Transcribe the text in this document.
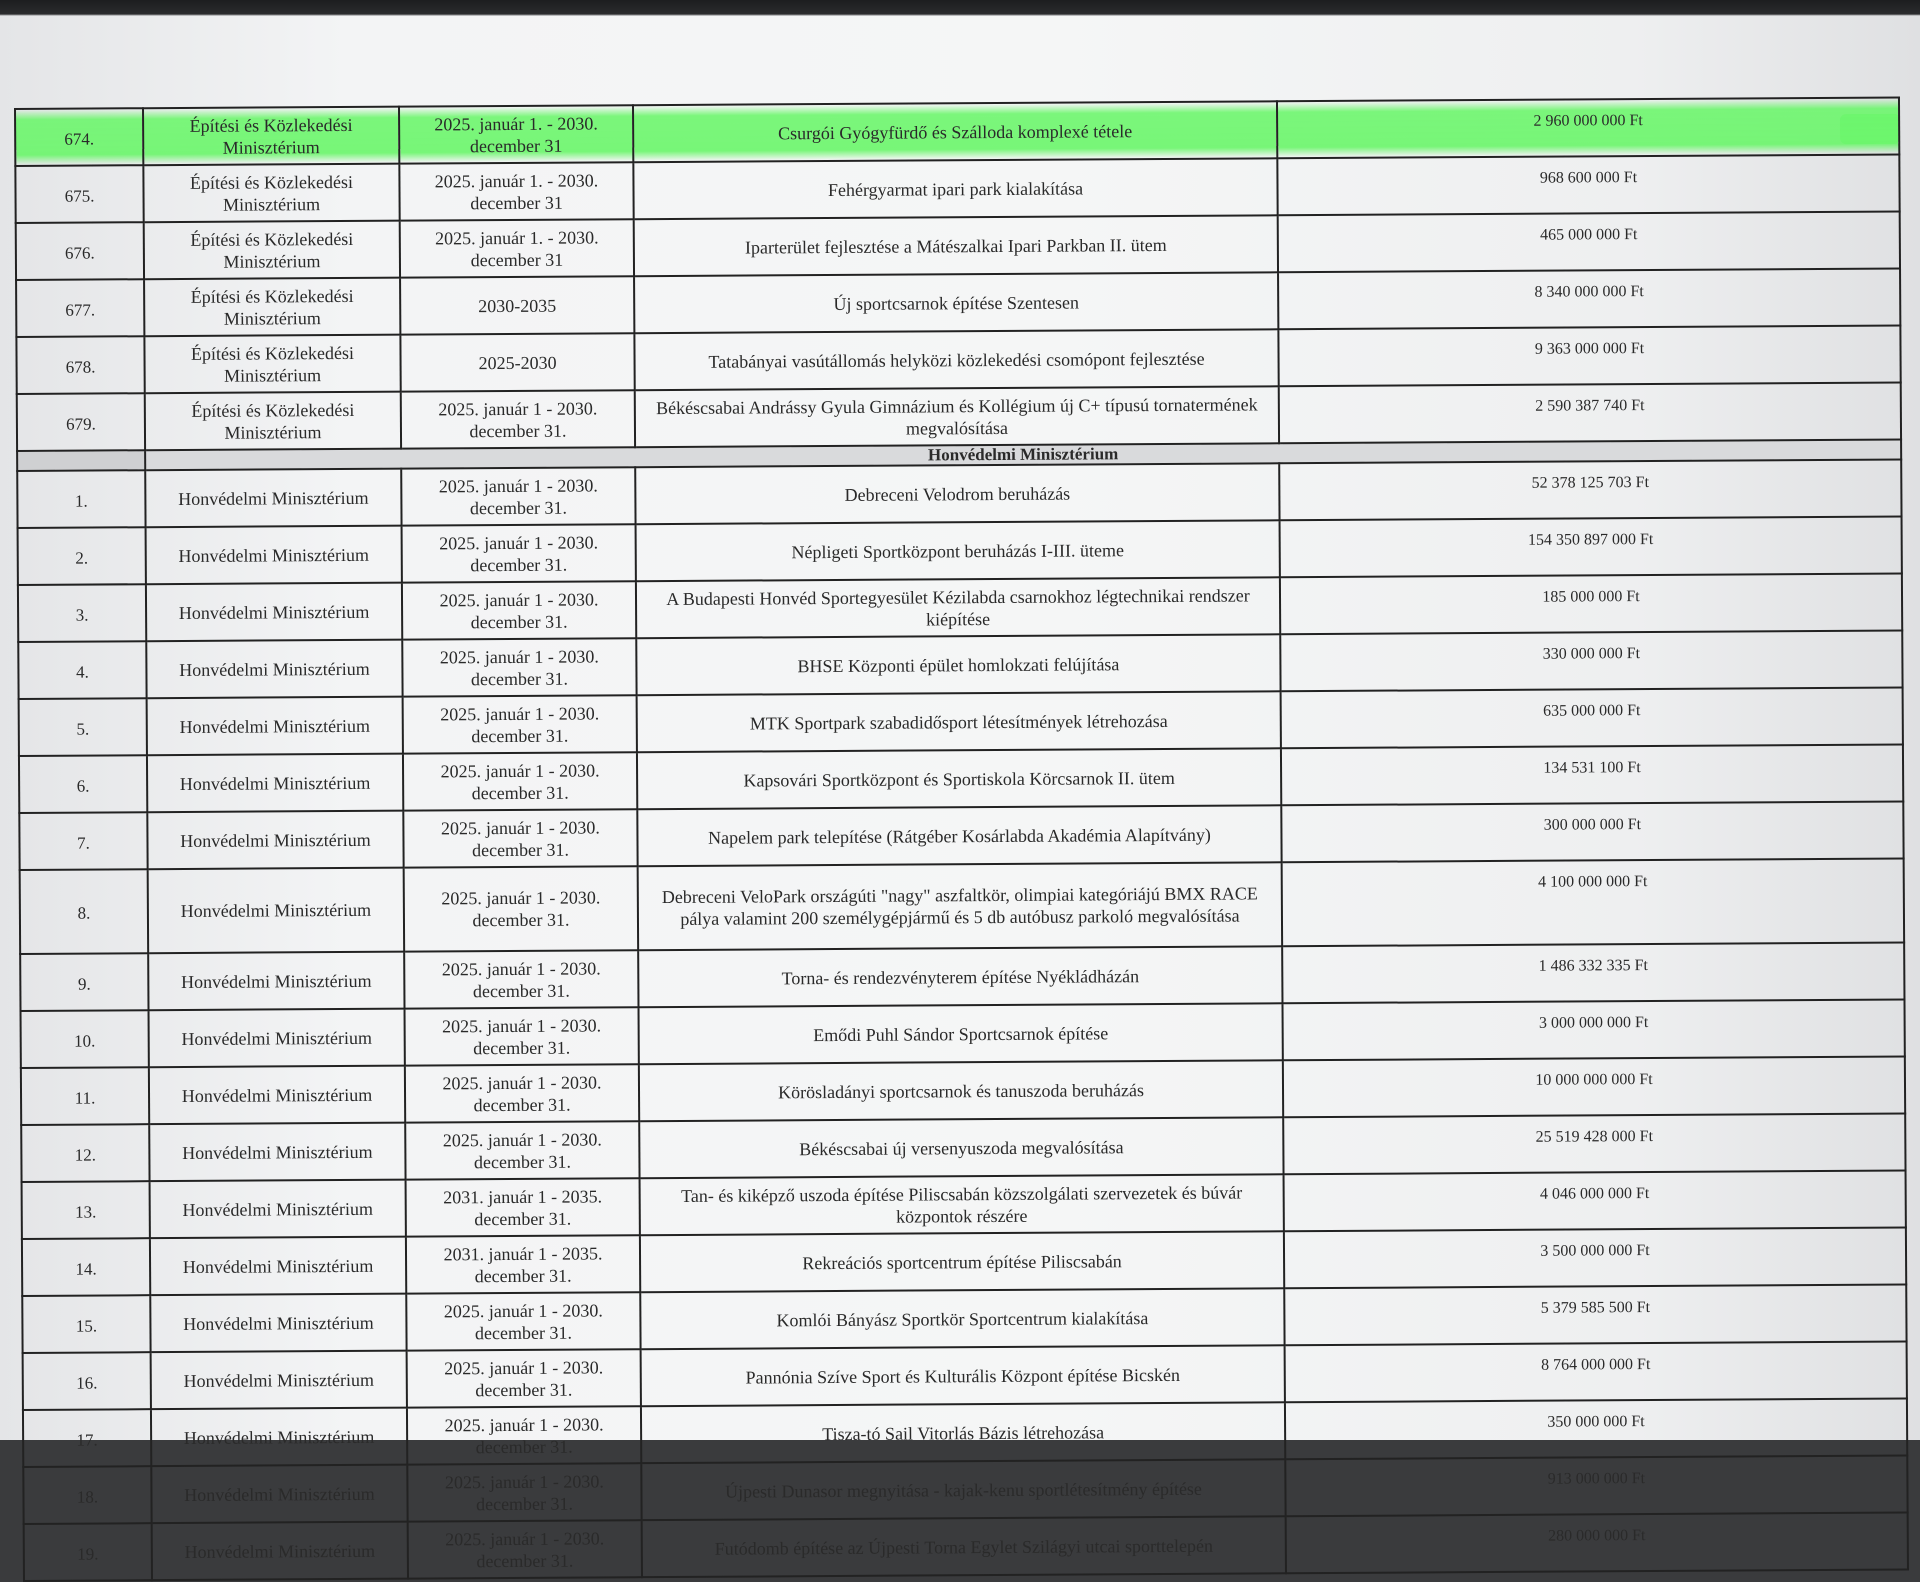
674.	Építési és Közlekedési Minisztérium	2025. január 1. - 2030. december 31	Csurgói Gyógyfürdő és Szálloda komplexé tétele	2 960 000 000 Ft
675.	Építési és Közlekedési Minisztérium	2025. január 1. - 2030. december 31	Fehérgyarmat ipari park kialakítása	968 600 000 Ft
676.	Építési és Közlekedési Minisztérium	2025. január 1. - 2030. december 31	Iparterület fejlesztése a Mátészalkai Ipari Parkban II. ütem	465 000 000 Ft
677.	Építési és Közlekedési Minisztérium	2030-2035	Új sportcsarnok építése Szentesen	8 340 000 000 Ft
678.	Építési és Közlekedési Minisztérium	2025-2030	Tatabányai vasútállomás helyközi közlekedési csomópont fejlesztése	9 363 000 000 Ft
679.	Építési és Közlekedési Minisztérium	2025. január 1 - 2030. december 31.	Békéscsabai Andrássy Gyula Gimnázium és Kollégium új C+ típusú tornatermének megvalósítása	2 590 387 740 Ft
	Honvédelmi Minisztérium			
1.	Honvédelmi Minisztérium	2025. január 1 - 2030. december 31.	Debreceni Velodrom beruházás	52 378 125 703 Ft
2.	Honvédelmi Minisztérium	2025. január 1 - 2030. december 31.	Népligeti Sportközpont beruházás I-III. üteme	154 350 897 000 Ft
3.	Honvédelmi Minisztérium	2025. január 1 - 2030. december 31.	A Budapesti Honvéd Sportegyesület Kézilabda csarnokhoz légtechnikai rendszer kiépítése	185 000 000 Ft
4.	Honvédelmi Minisztérium	2025. január 1 - 2030. december 31.	BHSE Központi épület homlokzati felújítása	330 000 000 Ft
5.	Honvédelmi Minisztérium	2025. január 1 - 2030. december 31.	MTK Sportpark szabadidősport létesítmények létrehozása	635 000 000 Ft
6.	Honvédelmi Minisztérium	2025. január 1 - 2030. december 31.	Kapsovári Sportközpont és Sportiskola Körcsarnok II. ütem	134 531 100 Ft
7.	Honvédelmi Minisztérium	2025. január 1 - 2030. december 31.	Napelem park telepítése (Rátgéber Kosárlabda Akadémia Alapítvány)	300 000 000 Ft
8.	Honvédelmi Minisztérium	2025. január 1 - 2030. december 31.	Debreceni VeloPark országúti "nagy" aszfaltkör, olimpiai kategóriájú BMX RACE pálya valamint 200 személygépjármű és 5 db autóbusz parkoló megvalósítása	4 100 000 000 Ft
9.	Honvédelmi Minisztérium	2025. január 1 - 2030. december 31.	Torna- és rendezvényterem építése Nyékládházán	1 486 332 335 Ft
10.	Honvédelmi Minisztérium	2025. január 1 - 2030. december 31.	Emődi Puhl Sándor Sportcsarnok építése	3 000 000 000 Ft
11.	Honvédelmi Minisztérium	2025. január 1 - 2030. december 31.	Körösladányi sportcsarnok és tanuszoda beruházás	10 000 000 000 Ft
12.	Honvédelmi Minisztérium	2025. január 1 - 2030. december 31.	Békéscsabai új versenyuszoda megvalósítása	25 519 428 000 Ft
13.	Honvédelmi Minisztérium	2031. január 1 - 2035. december 31.	Tan- és kiképző uszoda építése Piliscsabán közszolgálati szervezetek és búvár központok részére	4 046 000 000 Ft
14.	Honvédelmi Minisztérium	2031. január 1 - 2035. december 31.	Rekreációs sportcentrum építése Piliscsabán	3 500 000 000 Ft
15.	Honvédelmi Minisztérium	2025. január 1 - 2030. december 31.	Komlói Bányász Sportkör Sportcentrum kialakítása	5 379 585 500 Ft
16.	Honvédelmi Minisztérium	2025. január 1 - 2030. december 31.	Pannónia Szíve Sport és Kulturális Központ építése Bicskén	8 764 000 000 Ft
17.	Honvédelmi Minisztérium	2025. január 1 - 2030. december 31.	Tisza-tó Sail Vitorlás Bázis létrehozása	350 000 000 Ft
18.	Honvédelmi Minisztérium	2025. január 1 - 2030. december 31.	Újpesti Dunasor megnyitása - kajak-kenu sportlétesítmény építése	913 000 000 Ft
19.	Honvédelmi Minisztérium	2025. január 1 - 2030. december 31.	Futódomb építése az Újpesti Torna Egylet Szilágyi utcai sporttelepén	280 000 000 Ft
